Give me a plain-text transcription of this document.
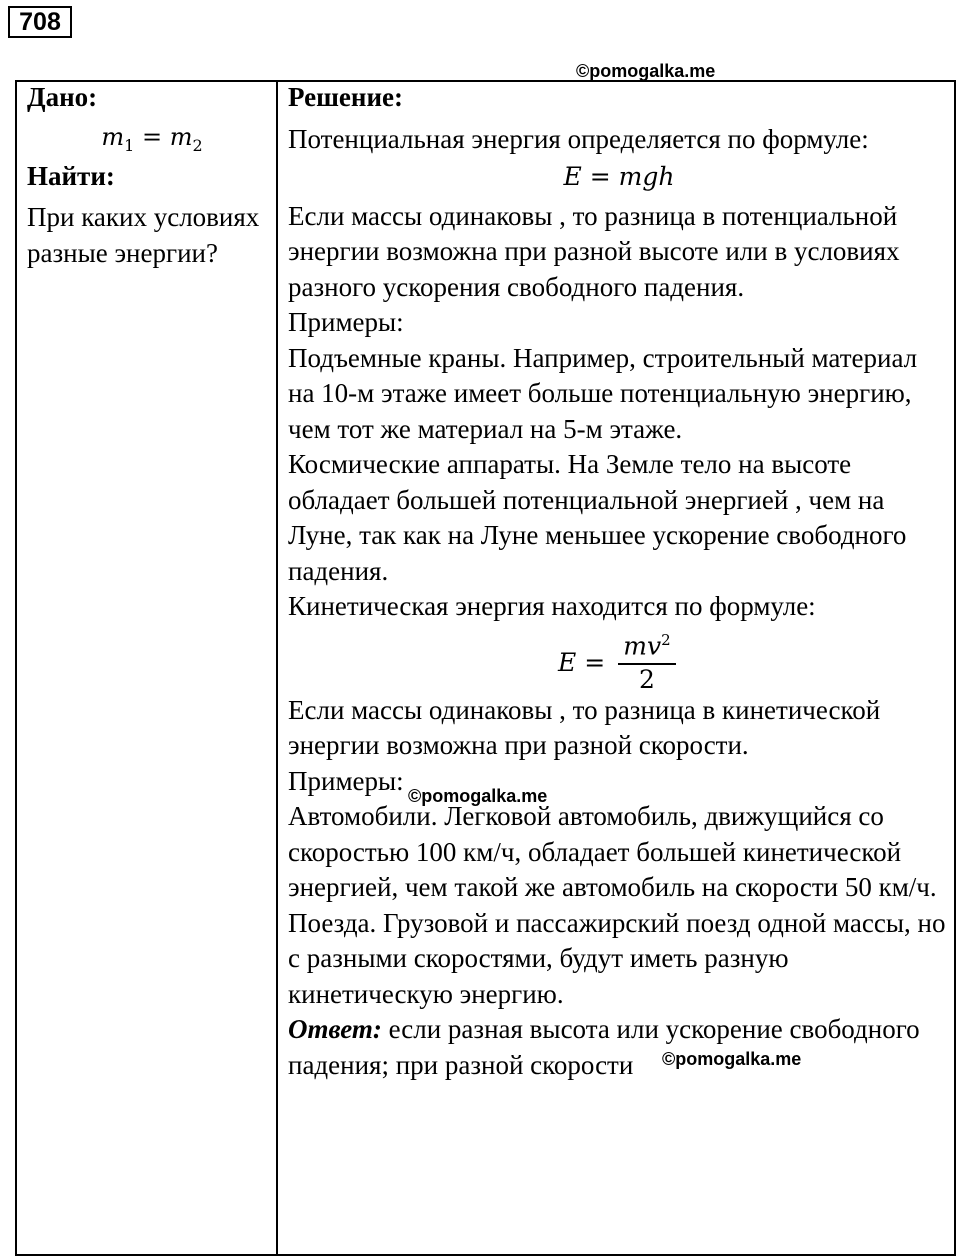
708
©pomogalka.me
Дано:
$m_1 = m_2$
Найти:
При каких условиях разные энергии?
Решение:
Потенциальная энергия определяется по формуле:
E = mgh
Если массы одинаковы , то разница в потенциальной энергии возможна при разной высоте или в условиях разного ускорения свободного падения.
Примеры:
Подъемные краны. Например, строительный материал на 10-м этаже имеет больше потенциальную энергию, чем тот же материал на 5-м этаже.
Космические аппараты. На Земле тело на высоте обладает большей потенциальной энергией , чем на Луне, так как на Луне меньшее ускорение свободного падения.
Кинетическая энергия находится по формуле:
$E = \frac{mv^2}{2}$
Если массы одинаковы , то разница в кинетической энергии возможна при разной скорости.
Примеры:
Автомобили. Легковой автомобиль, движущийся со скоростью 100 км/ч, обладает большей кинетической энергией, чем такой же автомобиль на скорости 50 км/ч.
Поезда. Грузовой и пассажирский поезд одной массы, но с разными скоростями, будут иметь разную кинетическую энергию.
Ответ: если разная высота или ускорение свободного падения; при разной скорости
©pomogalka.me
©pomogalka.me
